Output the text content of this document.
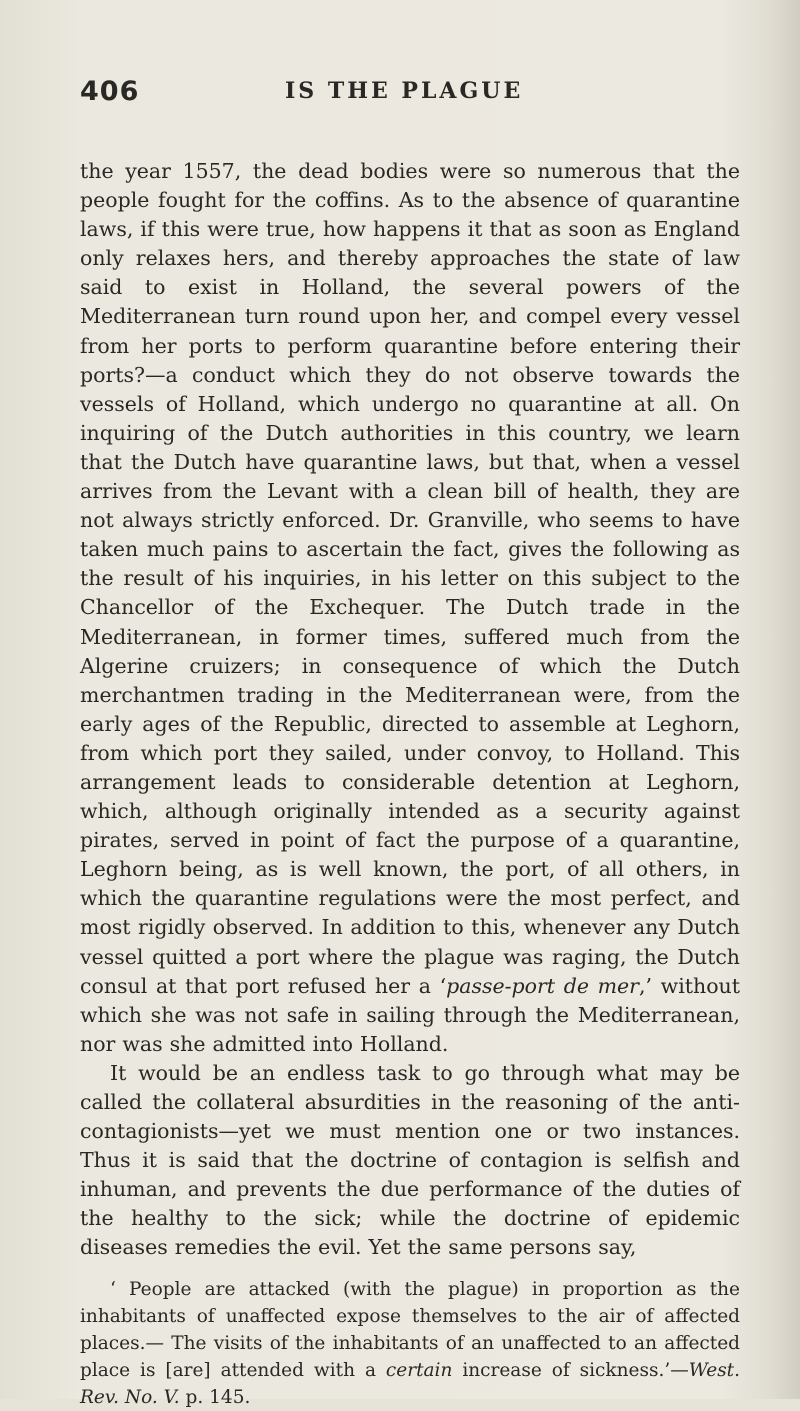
406	IS THE PLAGUE

the year 1557, the dead bodies were so numerous that the people fought for the coffins. As to the absence of quarantine laws, if this were true, how happens it that as soon as England only relaxes hers, and thereby approaches the state of law said to exist in Holland, the several powers of the Mediterranean turn round upon her, and compel every vessel from her ports to perform quarantine before entering their ports?—a conduct which they do not observe towards the vessels of Holland, which undergo no quarantine at all. On inquiring of the Dutch authorities in this country, we learn that the Dutch have quarantine laws, but that, when a vessel arrives from the Levant with a clean bill of health, they are not always strictly enforced. Dr. Granville, who seems to have taken much pains to ascertain the fact, gives the following as the result of his inquiries, in his letter on this subject to the Chancellor of the Exchequer. The Dutch trade in the Mediterranean, in former times, suffered much from the Algerine cruizers; in consequence of which the Dutch merchantmen trading in the Mediterranean were, from the early ages of the Republic, directed to assemble at Leghorn, from which port they sailed, under convoy, to Holland. This arrangement leads to considerable detention at Leghorn, which, although originally intended as a security against pirates, served in point of fact the purpose of a quarantine, Leghorn being, as is well known, the port, of all others, in which the quarantine regulations were the most perfect, and most rigidly observed. In addition to this, whenever any Dutch vessel quitted a port where the plague was raging, the Dutch consul at that port refused her a ‘passe-port de mer,’ without which she was not safe in sailing through the Mediterranean, nor was she admitted into Holland.

It would be an endless task to go through what may be called the collateral absurdities in the reasoning of the anti-contagionists—yet we must mention one or two instances. Thus it is said that the doctrine of contagion is selfish and inhuman, and prevents the due performance of the duties of the healthy to the sick; while the doctrine of epidemic diseases remedies the evil. Yet the same persons say,

‘ People are attacked (with the plague) in proportion as the inhabitants of unaffected expose themselves to the air of affected places.— The visits of the inhabitants of an unaffected to an affected place is [are] attended with a certain increase of sickness.’—West. Rev. No. V. p. 145.
